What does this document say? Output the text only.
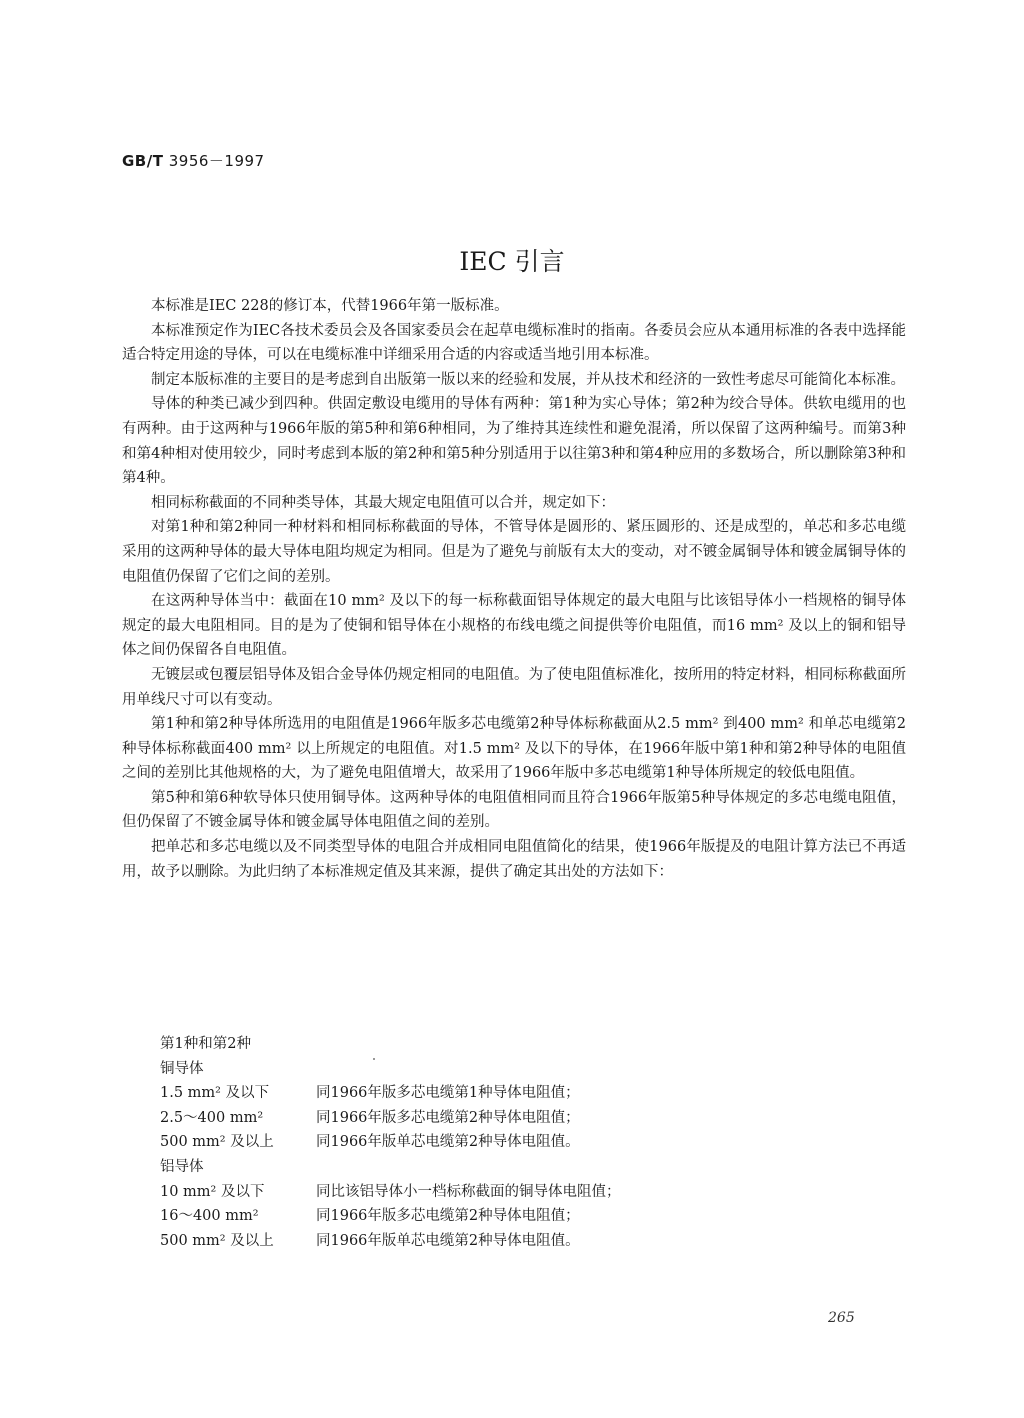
GB/T 3956－1997
IEC 引言

本标准是IEC 228的修订本，代替1966年第一版标准。

本标准预定作为IEC各技术委员会及各国家委员会在起草电缆标准时的指南。各委员会应从本通用标准的各表中选择能适合特定用途的导体，可以在电缆标准中详细采用合适的内容或适当地引用本标准。

制定本版标准的主要目的是考虑到自出版第一版以来的经验和发展，并从技术和经济的一致性考虑尽可能简化本标准。

导体的种类已减少到四种。供固定敷设电缆用的导体有两种：第1种为实心导体；第2种为绞合导体。供软电缆用的也有两种。由于这两种与1966年版的第5种和第6种相同，为了维持其连续性和避免混淆，所以保留了这两种编号。而第3种和第4种相对使用较少，同时考虑到本版的第2种和第5种分别适用于以往第3种和第4种应用的多数场合，所以删除第3种和第4种。

相同标称截面的不同种类导体，其最大规定电阻值可以合并，规定如下：

对第1种和第2种同一种材料和相同标称截面的导体，不管导体是圆形的、紧压圆形的、还是成型的，单芯和多芯电缆采用的这两种导体的最大导体电阻均规定为相同。但是为了避免与前版有太大的变动，对不镀金属铜导体和镀金属铜导体的电阻值仍保留了它们之间的差别。

在这两种导体当中：截面在10 mm² 及以下的每一标称截面铝导体规定的最大电阻与比该铝导体小一档规格的铜导体规定的最大电阻相同。目的是为了使铜和铝导体在小规格的布线电缆之间提供等价电阻值，而16 mm² 及以上的铜和铝导体之间仍保留各自电阻值。

无镀层或包覆层铝导体及铝合金导体仍规定相同的电阻值。为了使电阻值标准化，按所用的特定材料，相同标称截面所用单线尺寸可以有变动。

第1种和第2种导体所选用的电阻值是1966年版多芯电缆第2种导体标称截面从2.5 mm² 到400 mm² 和单芯电缆第2种导体标称截面400 mm² 以上所规定的电阻值。对1.5 mm² 及以下的导体，在1966年版中第1种和第2种导体的电阻值之间的差别比其他规格的大，为了避免电阻值增大，故采用了1966年版中多芯电缆第1种导体所规定的较低电阻值。

第5种和第6种软导体只使用铜导体。这两种导体的电阻值相同而且符合1966年版第5种导体规定的多芯电缆电阻值，但仍保留了不镀金属导体和镀金属导体电阻值之间的差别。

把单芯和多芯电缆以及不同类型导体的电阻合并成相同电阻值简化的结果，使1966年版提及的电阻计算方法已不再适用，故予以删除。为此归纳了本标准规定值及其来源，提供了确定其出处的方法如下：

第1种和第2种
铜导体
1.5 mm² 及以下	同1966年版多芯电缆第1种导体电阻值；
2.5～400 mm²	同1966年版多芯电缆第2种导体电阻值；
500 mm² 及以上	同1966年版单芯电缆第2种导体电阻值。
铝导体
10 mm² 及以下	同比该铝导体小一档标称截面的铜导体电阻值；
16～400 mm²	同1966年版多芯电缆第2种导体电阻值；
500 mm² 及以上	同1966年版单芯电缆第2种导体电阻值。
265
